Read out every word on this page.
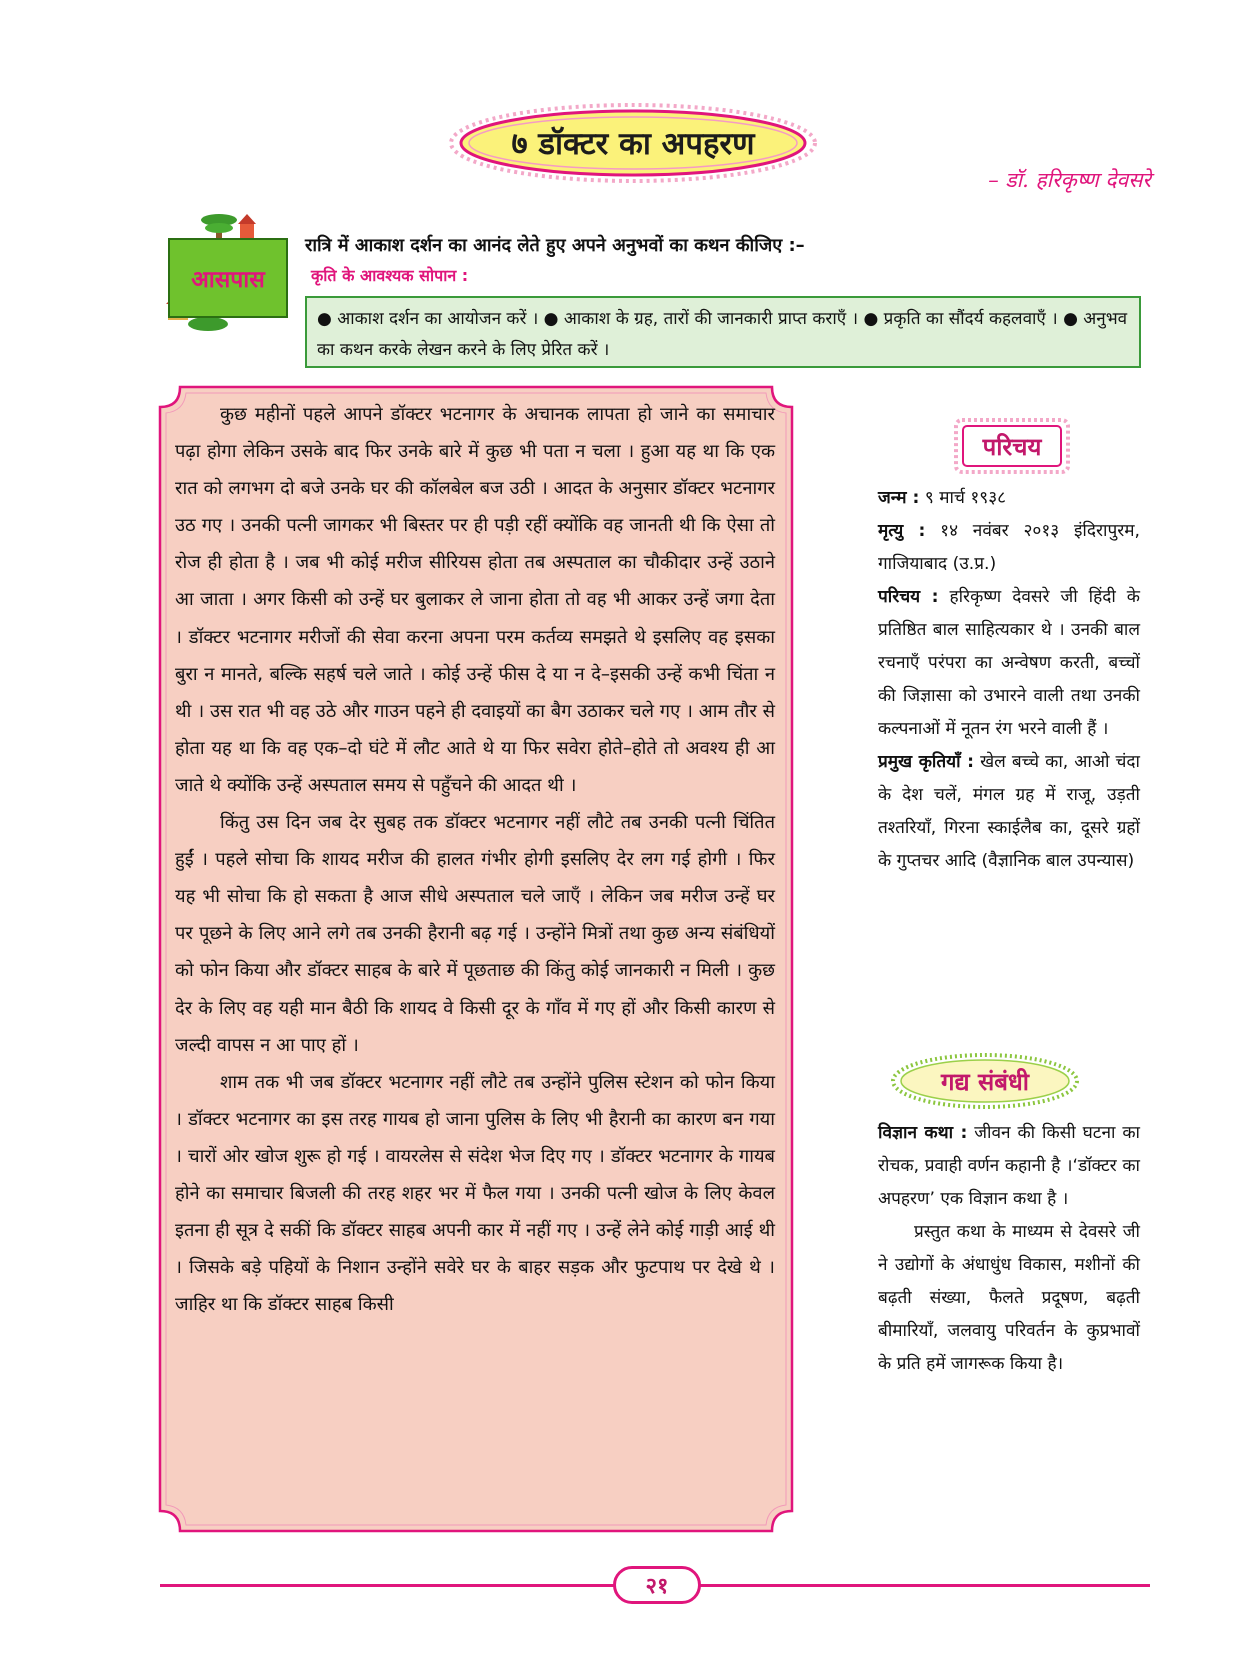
७ डॉक्टर का अपहरण
– डॉ. हरिकृष्ण देवसरे
आसपास
रात्रि में आकाश दर्शन का आनंद लेते हुए अपने अनुभवों का कथन कीजिए :–
कृति के आवश्यक सोपान :
● आकाश दर्शन का आयोजन करें । ● आकाश के ग्रह, तारों की जानकारी प्राप्त कराएँ । ● प्रकृति का सौंदर्य कहलवाएँ । ● अनुभव का कथन करके लेखन करने के लिए प्रेरित करें ।

कुछ महीनों पहले आपने डॉक्टर भटनागर के अचानक लापता हो जाने का समाचार पढ़ा होगा लेकिन उसके बाद फिर उनके बारे में कुछ भी पता न चला । हुआ यह था कि एक रात को लगभग दो बजे उनके घर की कॉलबेल बज उठी । आदत के अनुसार डॉक्टर भटनागर उठ गए । उनकी पत्नी जागकर भी बिस्तर पर ही पड़ी रहीं क्योंकि वह जानती थी कि ऐसा तो रोज ही होता है । जब भी कोई मरीज सीरियस होता तब अस्पताल का चौकीदार उन्हें उठाने आ जाता । अगर किसी को उन्हें घर बुलाकर ले जाना होता तो वह भी आकर उन्हें जगा देता । डॉक्टर भटनागर मरीजों की सेवा करना अपना परम कर्तव्य समझते थे इसलिए वह इसका बुरा न मानते, बल्कि सहर्ष चले जाते । कोई उन्हें फीस दे या न दे–इसकी उन्हें कभी चिंता न थी । उस रात भी वह उठे और गाउन पहने ही दवाइयों का बैग उठाकर चले गए । आम तौर से होता यह था कि वह एक–दो घंटे में लौट आते थे या फिर सवेरा होते–होते तो अवश्य ही आ जाते थे क्योंकि उन्हें अस्पताल समय से पहुँचने की आदत थी ।

किंतु उस दिन जब देर सुबह तक डॉक्टर भटनागर नहीं लौटे तब उनकी पत्नी चिंतित हुईं । पहले सोचा कि शायद मरीज की हालत गंभीर होगी इसलिए देर लग गई होगी । फिर यह भी सोचा कि हो सकता है आज सीधे अस्पताल चले जाएँ । लेकिन जब मरीज उन्हें घर पर पूछने के लिए आने लगे तब उनकी हैरानी बढ़ गई । उन्होंने मित्रों तथा कुछ अन्य संबंधियों को फोन किया और डॉक्टर साहब के बारे में पूछताछ की किंतु कोई जानकारी न मिली । कुछ देर के लिए वह यही मान बैठी कि शायद वे किसी दूर के गाँव में गए हों और किसी कारण से जल्दी वापस न आ पाए हों ।

शाम तक भी जब डॉक्टर भटनागर नहीं लौटे तब उन्होंने पुलिस स्टेशन को फोन किया । डॉक्टर भटनागर का इस तरह गायब हो जाना पुलिस के लिए भी हैरानी का कारण बन गया । चारों ओर खोज शुरू हो गई । वायरलेस से संदेश भेज दिए गए । डॉक्टर भटनागर के गायब होने का समाचार बिजली की तरह शहर भर में फैल गया । उनकी पत्नी खोज के लिए केवल इतना ही सूत्र दे सकीं कि डॉक्टर साहब अपनी कार में नहीं गए । उन्हें लेने कोई गाड़ी आई थी । जिसके बड़े पहियों के निशान उन्होंने सवेरे घर के बाहर सड़क और फुटपाथ पर देखे थे । जाहिर था कि डॉक्टर साहब किसी

परिचय

जन्म : ९ मार्च १९३८

मृत्यु : १४ नवंबर २०१३ इंदिरापुरम, गाजियाबाद (उ.प्र.)

परिचय : हरिकृष्ण देवसरे जी हिंदी के प्रतिष्ठित बाल साहित्यकार थे । उनकी बाल रचनाएँ परंपरा का अन्वेषण करती, बच्चों की जिज्ञासा को उभारने वाली तथा उनकी कल्पनाओं में नूतन रंग भरने वाली हैं ।

प्रमुख कृतियाँ : खेल बच्चे का, आओ चंदा के देश चलें, मंगल ग्रह में राजू, उड़ती तश्तरियाँ, गिरना स्काईलैब का, दूसरे ग्रहों के गुप्तचर आदि (वैज्ञानिक बाल उपन्यास)

गद्य संबंधी

विज्ञान कथा : जीवन की किसी घटना का रोचक, प्रवाही वर्णन कहानी है ।‘डॉक्टर का अपहरण’ एक विज्ञान कथा है ।

प्रस्तुत कथा के माध्यम से देवसरे जी ने उद्योगों के अंधाधुंध विकास, मशीनों की बढ़ती संख्या, फैलते प्रदूषण, बढ़ती बीमारियाँ, जलवायु परिवर्तन के कुप्रभावों के प्रति हमें जागरूक किया है।

२१
